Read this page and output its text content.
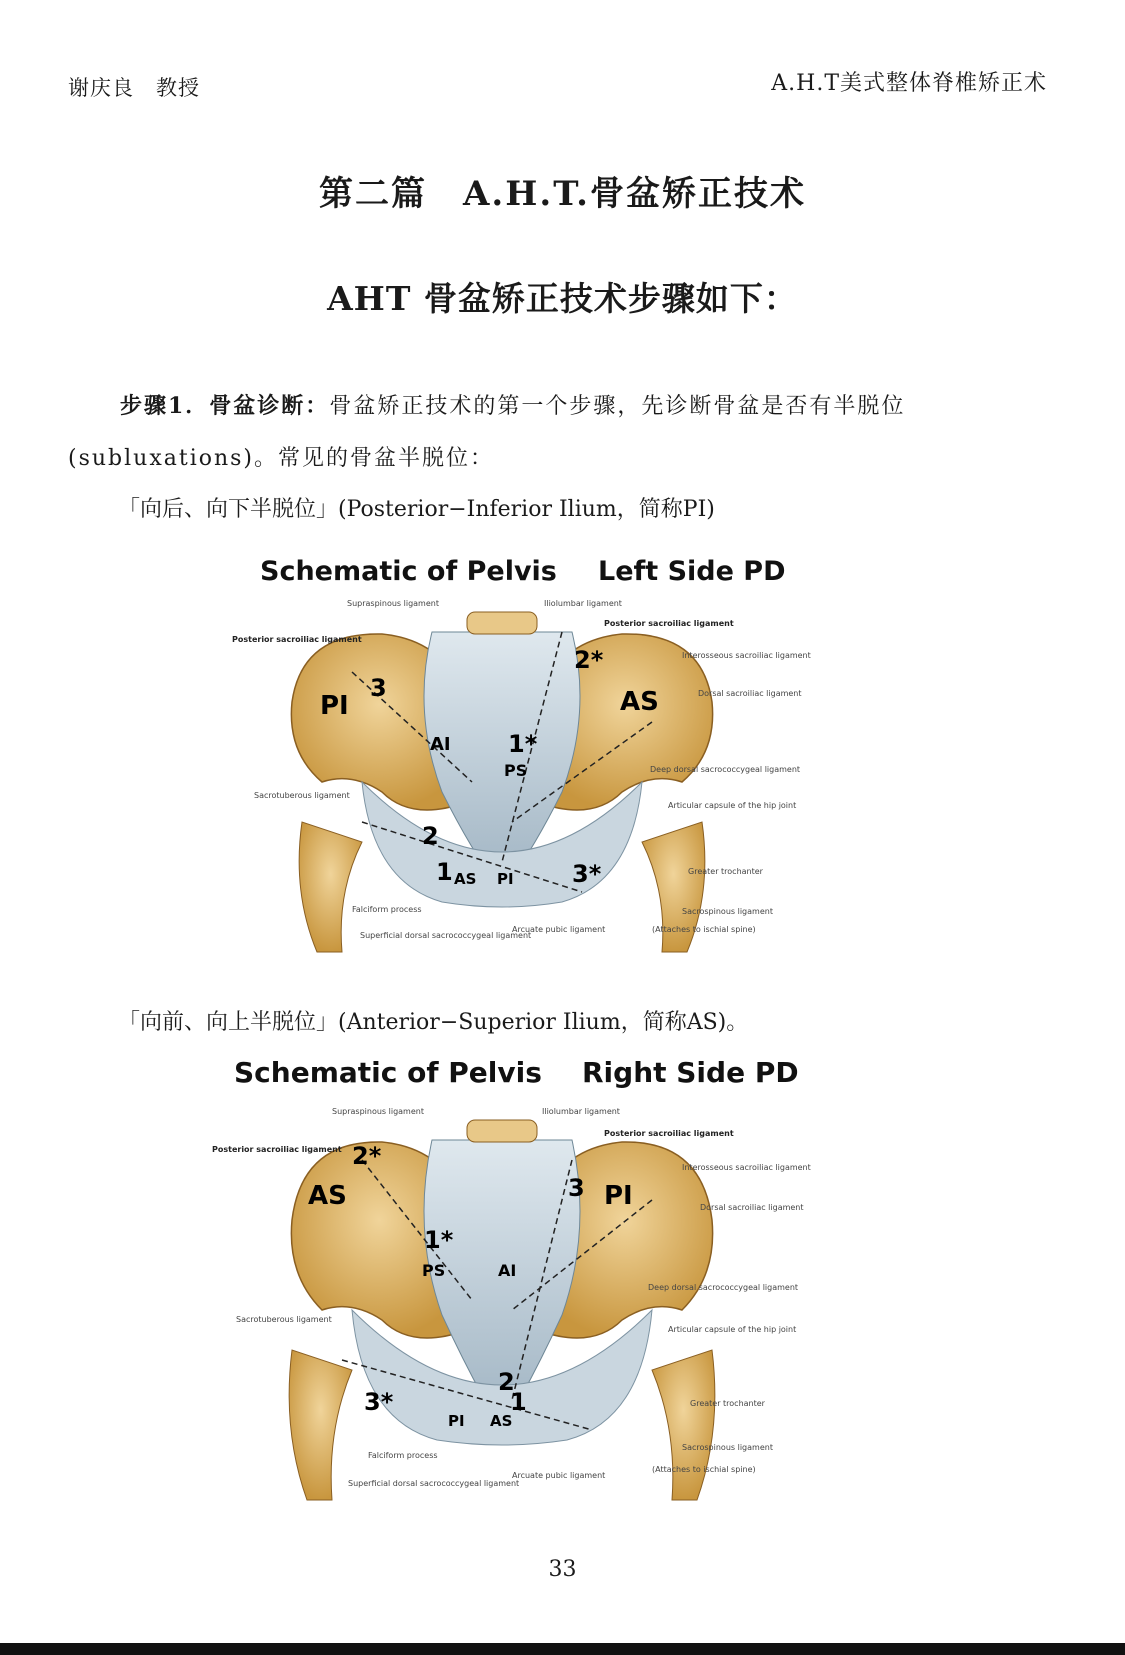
谢庆良　教授	A.H.T美式整体脊椎矫正术
第二篇　A.H.T.骨盆矫正技术
AHT 骨盆矫正技术步骤如下：
步骤1．骨盆诊断：骨盆矫正技术的第一个步骤，先诊断骨盆是否有半脱位(subluxations)。常见的骨盆半脱位：
「向后、向下半脱位」(Posterior−Inferior Ilium，简称PI)
Schematic of Pelvis Left Side PD
PI
3
2*
AS
AI 1*
PS
2
1 AS PI 3*
Supraspinous ligament	Iliolumbar ligament
Posterior sacroiliac ligament
Posterior sacroiliac ligament
Interosseous sacroiliac ligament
Dorsal sacroiliac ligament
Deep dorsal sacrococcygeal ligament
Articular capsule of the hip joint
Sacrotuberous ligament
Greater trochanter
Sacrospinous ligament
(Attaches to ischial spine)
Falciform process
Superficial dorsal sacrococcygeal ligament
Arcuate pubic ligament
「向前、向上半脱位」(Anterior−Superior Ilium，简称AS)。
Schematic of Pelvis Right Side PD
AS
2*
3 PI
1*
PS	AI
3*
2
1
PI AS
Supraspinous ligament	Iliolumbar ligament
Posterior sacroiliac ligament
Posterior sacroiliac ligament
Interosseous sacroiliac ligament
Dorsal sacroiliac ligament
Deep dorsal sacrococcygeal ligament
Articular capsule of the hip joint
Sacrotuberous ligament
Greater trochanter
Sacrospinous ligament
(Attaches to ischial spine)
Falciform process
Superficial dorsal sacrococcygeal ligament
Arcuate pubic ligament
33
